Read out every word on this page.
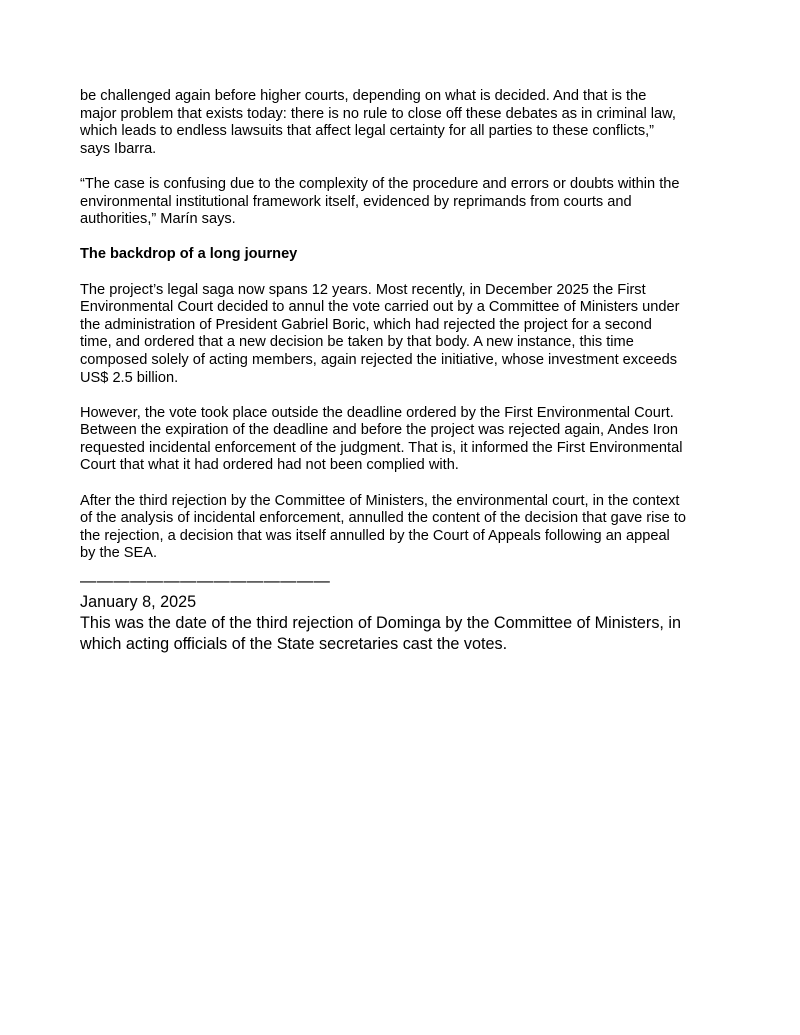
be challenged again before higher courts, depending on what is decided. And that is the
major problem that exists today: there is no rule to close off these debates as in criminal law,
which leads to endless lawsuits that affect legal certainty for all parties to these conflicts,”
says Ibarra.
“The case is confusing due to the complexity of the procedure and errors or doubts within the
environmental institutional framework itself, evidenced by reprimands from courts and
authorities,” Marín says.
The backdrop of a long journey
The project’s legal saga now spans 12 years. Most recently, in December 2025 the First
Environmental Court decided to annul the vote carried out by a Committee of Ministers under
the administration of President Gabriel Boric, which had rejected the project for a second
time, and ordered that a new decision be taken by that body. A new instance, this time
composed solely of acting members, again rejected the initiative, whose investment exceeds
US$ 2.5 billion.
However, the vote took place outside the deadline ordered by the First Environmental Court.
Between the expiration of the deadline and before the project was rejected again, Andes Iron
requested incidental enforcement of the judgment. That is, it informed the First Environmental
Court that what it had ordered had not been complied with.
After the third rejection by the Committee of Ministers, the environmental court, in the context
of the analysis of incidental enforcement, annulled the content of the decision that gave rise to
the rejection, a decision that was itself annulled by the Court of Appeals following an appeal
by the SEA.
———————————————
January 8, 2025
This was the date of the third rejection of Dominga by the Committee of Ministers, in
which acting officials of the State secretaries cast the votes.
